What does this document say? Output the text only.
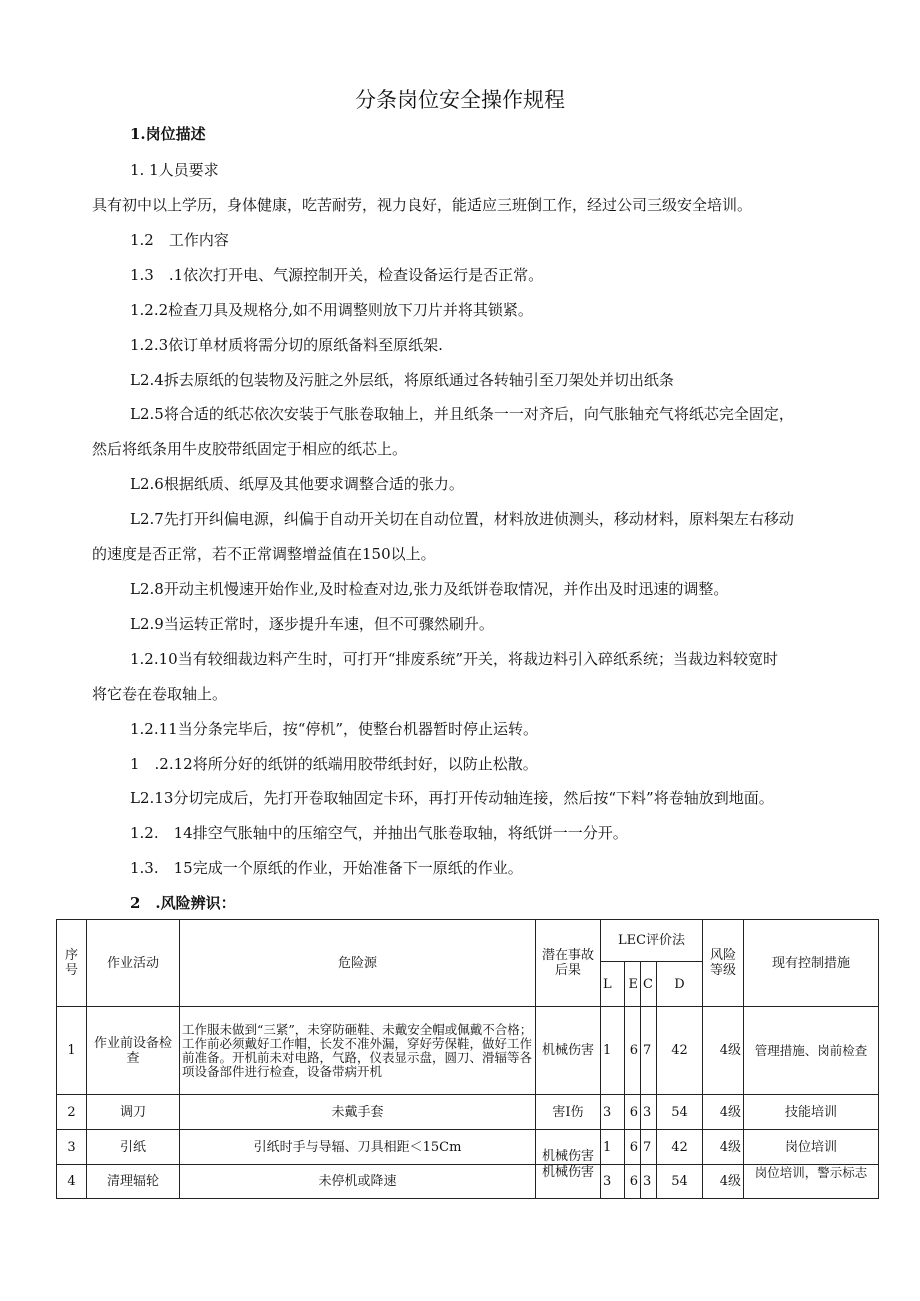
分条岗位安全操作规程
1.岗位描述
1. 1人员要求
具有初中以上学历，身体健康，吃苦耐劳，视力良好，能适应三班倒工作，经过公司三级安全培训。
1.2　工作内容
1.3　.1依次打开电、气源控制开关，检查设备运行是否正常。
1.2.2检查刀具及规格分,如不用调整则放下刀片并将其锁紧。
1.2.3依订单材质将需分切的原纸备料至原纸架.
L2.4拆去原纸的包装物及污脏之外层纸，将原纸通过各转轴引至刀架处并切出纸条
L2.5将合适的纸芯依次安装于气胀卷取轴上，并且纸条一一对齐后，向气胀轴充气将纸芯完全固定，
然后将纸条用牛皮胶带纸固定于相应的纸芯上。
L2.6根据纸质、纸厚及其他要求调整合适的张力。
L2.7先打开纠偏电源，纠偏于自动开关切在自动位置，材料放进侦测头，移动材料，原料架左右移动
的速度是否正常，若不正常调整增益值在150以上。
L2.8开动主机慢速开始作业,及时检查对边,张力及纸饼卷取情况，并作出及时迅速的调整。
L2.9当运转正常时，逐步提升车速，但不可骤然刷升。
1.2.10当有较细裁边料产生时，可打开“排废系统”开关，将裁边料引入碎纸系统；当裁边料较宽时
将它卷在卷取轴上。
1.2.11当分条完毕后，按“停机”，使整台机器暂时停止运转。
1　.2.12将所分好的纸饼的纸端用胶带纸封好，以防止松散。
L2.13分切完成后，先打开卷取轴固定卡环，再打开传动轴连接，然后按“下料”将卷轴放到地面。
1.2.　14排空气胀轴中的压缩空气，并抽出气胀卷取轴，将纸饼一一分开。
1.3.　15完成一个原纸的作业，开始准备下一原纸的作业。
2　.风险辨识：
序号	作业活动	危险源	潜在事故后果	LEC评价法				风险等级	现有控制措施
				L	E	C	D		
1	作业前设备检查	工作服未做到“三紧”，未穿防砸鞋、未戴安全帽或佩戴不合格；工作前必须戴好工作帽，长发不准外漏，穿好劳保鞋，做好工作前准备。开机前未对电路，气路，仪表显示盘，圆刀、滑辐等各项设备部件进行检查，设备带病开机	机械伤害	1	6	7	42	4级	管理措施、岗前检查
2	调刀	未戴手套	害I伤	3	6	3	54	4级	技能培训
3	引纸	引纸时手与导辐、刀具相距＜15Cm	机械伤害	1	6	7	42	4级	岗位培训
4	清理辐轮	未停机或降速	机械伤害	3	6	3	54	4级	岗位培训，警示标志
